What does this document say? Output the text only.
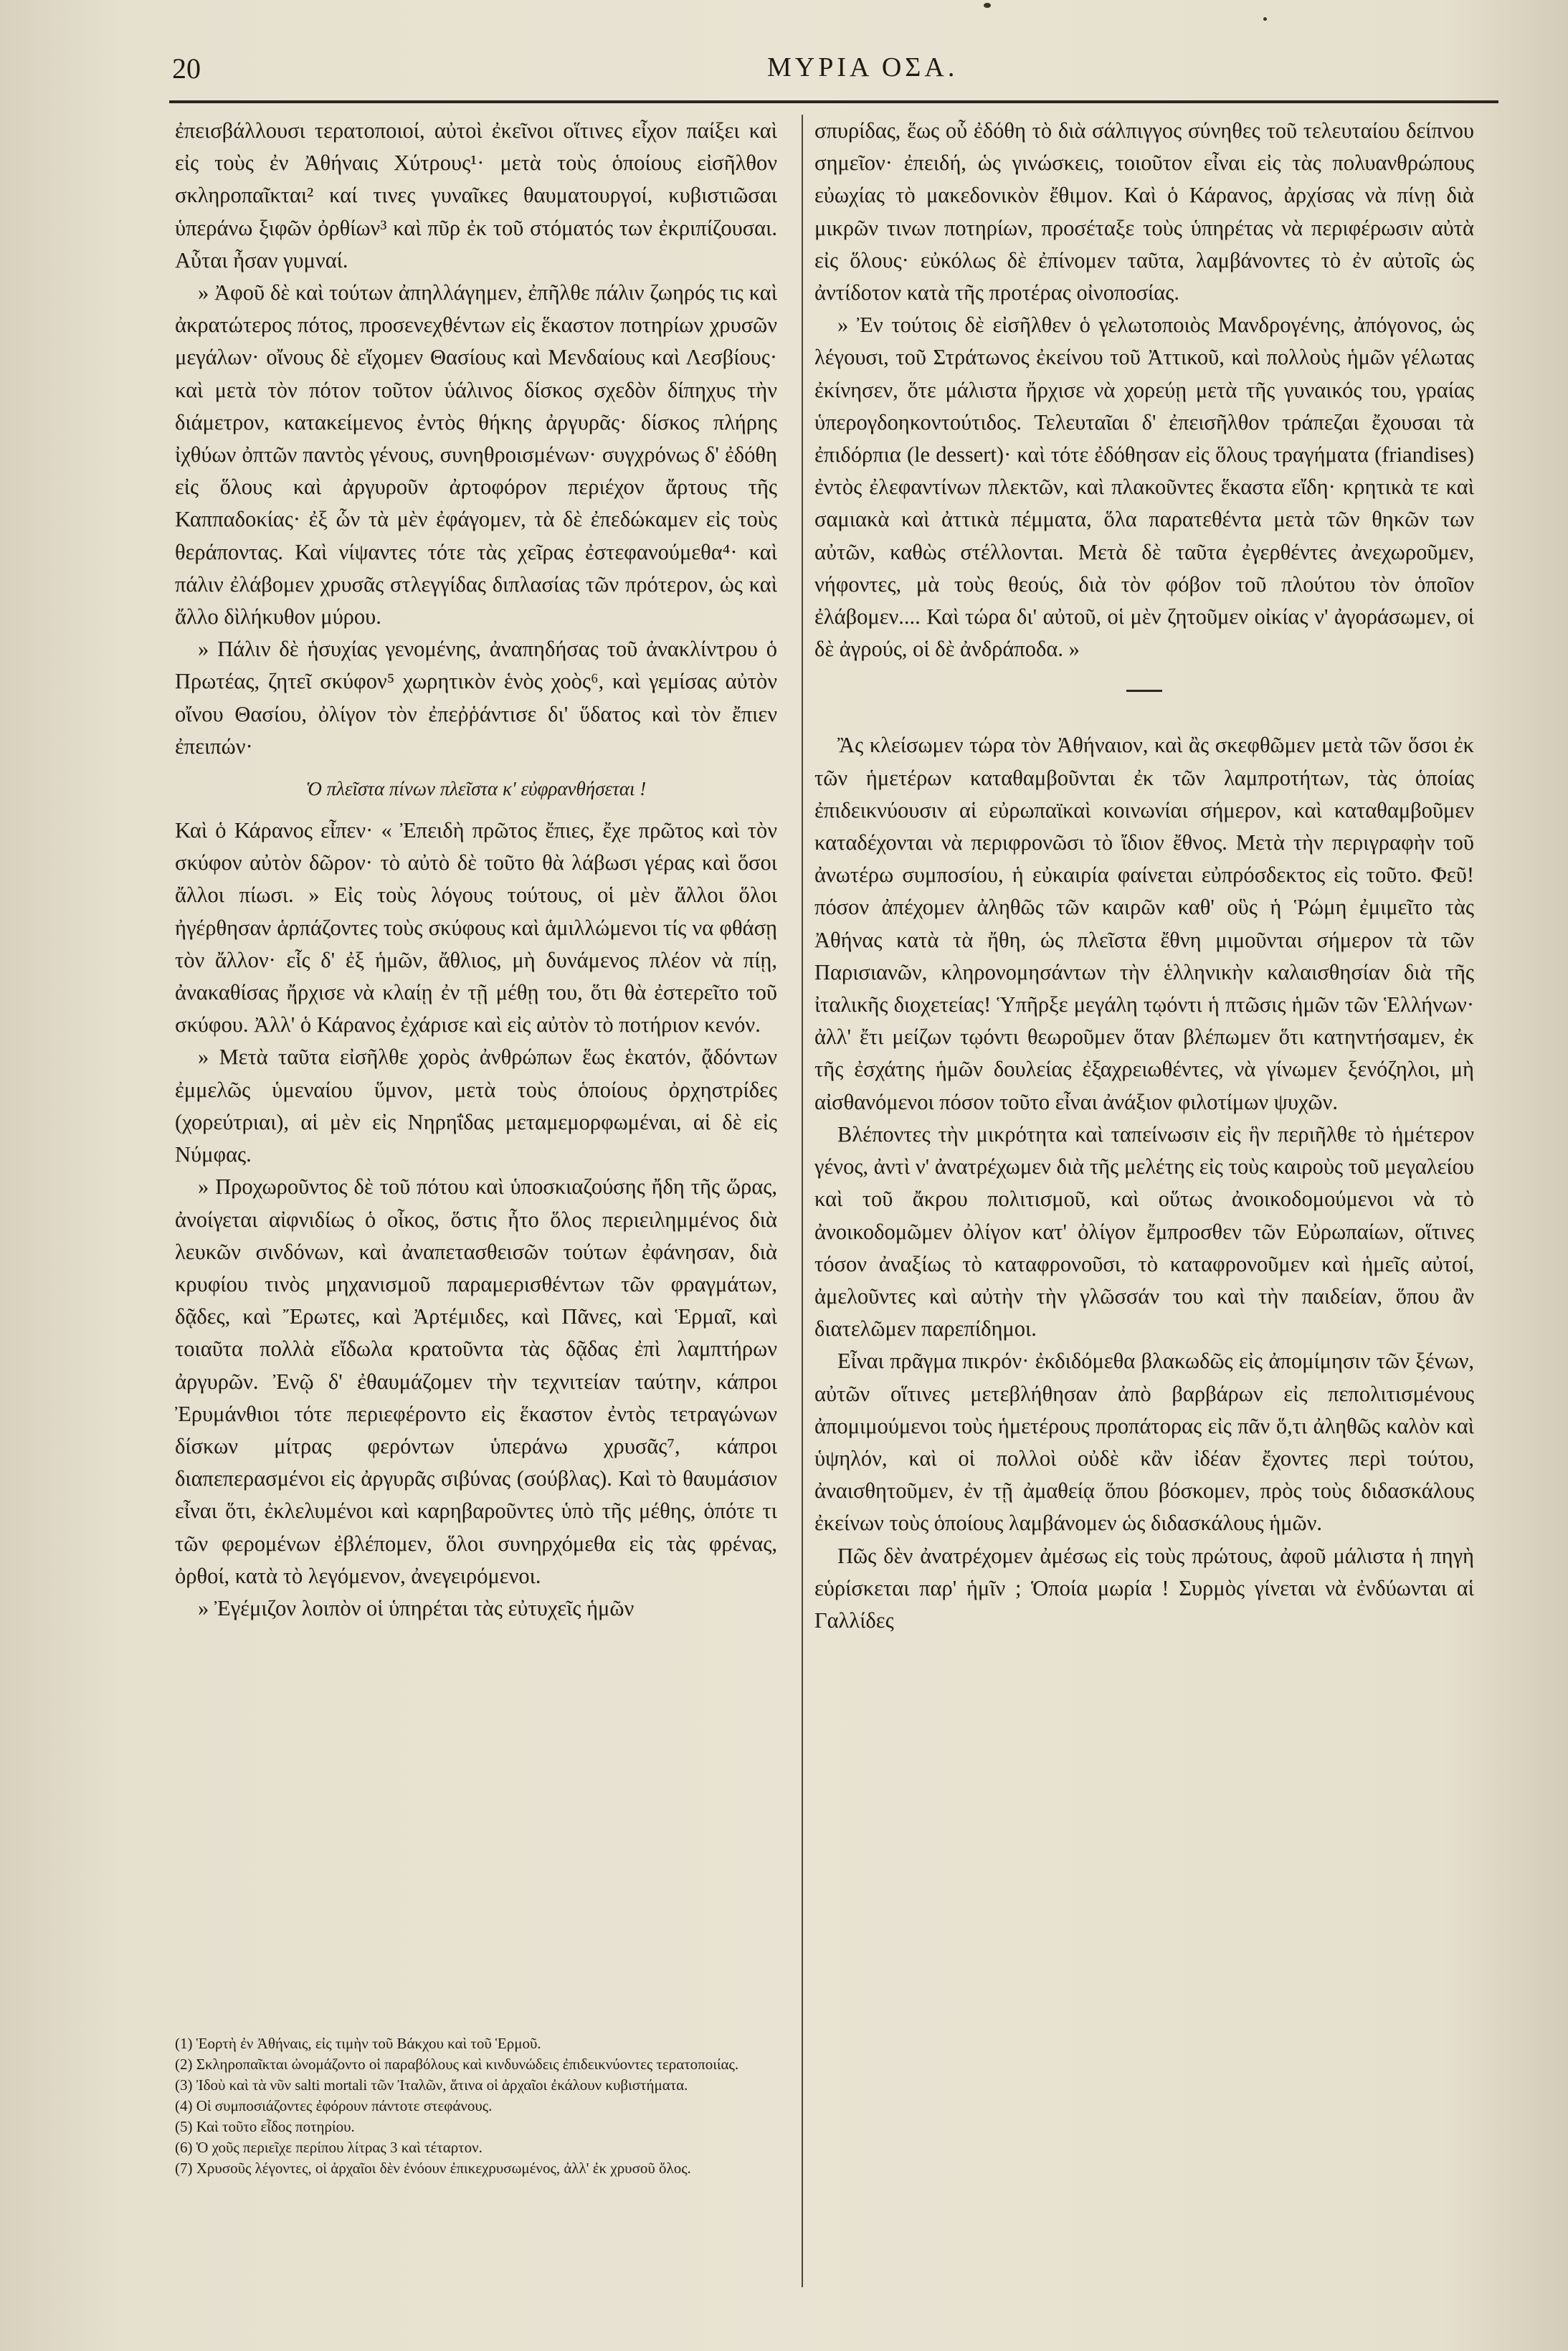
20	ΜΥΡΙΑ ΟΣΑ.

ἐπεισβάλλουσι τερατοποιοί, αὐτοὶ ἐκεῖνοι οἵτινες εἶχον παίξει καὶ εἰς τοὺς ἐν Ἀθήναις Χύτρους¹· μετὰ τοὺς ὁποίους εἰσῆλθον σκληροπαῖκται² καί τινες γυναῖκες θαυματουργοί, κυβιστιῶσαι ὑπεράνω ξιφῶν ὀρθίων³ καὶ πῦρ ἐκ τοῦ στόματός των ἐκριπίζουσαι. Αὗται ἦσαν γυμναί.

» Ἀφοῦ δὲ καὶ τούτων ἀπηλλάγημεν, ἐπῆλθε πάλιν ζωηρός τις καὶ ἀκρατώτερος πότος, προσενεχθέντων εἰς ἕκαστον ποτηρίων χρυσῶν μεγάλων· οἴνους δὲ εἴχομεν Θασίους καὶ Μενδαίους καὶ Λεσβίους· καὶ μετὰ τὸν πότον τοῦτον ὑάλινος δίσκος σχεδὸν δίπηχυς τὴν διάμετρον, κατακείμενος ἐντὸς θήκης ἀργυρᾶς· δίσκος πλήρης ἰχθύων ὀπτῶν παντὸς γένους, συνηθροισμένων· συγχρόνως δ' ἐδόθη εἰς ὅλους καὶ ἀργυροῦν ἀρτοφόρον περιέχον ἄρτους τῆς Καππαδοκίας· ἐξ ὧν τὰ μὲν ἐφάγομεν, τὰ δὲ ἐπεδώκαμεν εἰς τοὺς θεράποντας. Καὶ νίψαντες τότε τὰς χεῖρας ἐστεφανούμεθα⁴· καὶ πάλιν ἐλάβομεν χρυσᾶς στλεγγίδας διπλασίας τῶν πρότερον, ὡς καὶ ἄλλο δὶλήκυθον μύρου.

» Πάλιν δὲ ἡσυχίας γενομένης, ἀναπηδήσας τοῦ ἀνακλίντρου ὁ Πρωτέας, ζητεῖ σκύφον⁵ χωρητικὸν ἑνὸς χοὸς⁶, καὶ γεμίσας αὐτὸν οἴνου Θασίου, ὀλίγον τὸν ἐπεῤῥάντισε δι' ὕδατος καὶ τὸν ἔπιεν ἐπειπών·

Ὁ πλεῖστα πίνων πλεῖστα κ' εὐφρανθήσεται !

Καὶ ὁ Κάρανος εἶπεν· « Ἐπειδὴ πρῶτος ἔπιες, ἔχε πρῶτος καὶ τὸν σκύφον αὐτὸν δῶρον· τὸ αὐτὸ δὲ τοῦτο θὰ λάβωσι γέρας καὶ ὅσοι ἄλλοι πίωσι. » Εἰς τοὺς λόγους τούτους, οἱ μὲν ἄλλοι ὅλοι ἠγέρθησαν ἁρπάζοντες τοὺς σκύφους καὶ ἁμιλλώμενοι τίς να φθάσῃ τὸν ἄλλον· εἷς δ' ἐξ ἡμῶν, ἄθλιος, μὴ δυνάμενος πλέον νὰ πίῃ, ἀνακαθίσας ἤρχισε νὰ κλαίῃ ἐν τῇ μέθῃ του, ὅτι θὰ ἐστερεῖτο τοῦ σκύφου. Ἀλλ' ὁ Κάρανος ἐχάρισε καὶ εἰς αὐτὸν τὸ ποτήριον κενόν.

» Μετὰ ταῦτα εἰσῆλθε χορὸς ἀνθρώπων ἕως ἑκατόν, ᾄδόντων ἐμμελῶς ὑμεναίου ὕμνον, μετὰ τοὺς ὁποίους ὀρχηστρίδες (χορεύτριαι), αἱ μὲν εἰς Νηρηΐδας μεταμεμορφωμέναι, αἱ δὲ εἰς Νύμφας.

» Προχωροῦντος δὲ τοῦ πότου καὶ ὑποσκιαζούσης ἤδη τῆς ὥρας, ἀνοίγεται αἰφνιδίως ὁ οἶκος, ὅστις ἦτο ὅλος περιειλημμένος διὰ λευκῶν σινδόνων, καὶ ἀναπετασθεισῶν τούτων ἐφάνησαν, διὰ κρυφίου τινὸς μηχανισμοῦ παραμερισθέντων τῶν φραγμάτων, δᾷδες, καὶ Ἔρωτες, καὶ Ἀρτέμιδες, καὶ Πᾶνες, καὶ Ἑρμαῖ, καὶ τοιαῦτα πολλὰ εἴδωλα κρατοῦντα τὰς δᾷδας ἐπὶ λαμπτήρων ἀργυρῶν. Ἐνῷ δ' ἐθαυμάζομεν τὴν τεχνιτείαν ταύτην, κάπροι Ἐρυμάνθιοι τότε περιεφέροντο εἰς ἕκαστον ἐντὸς τετραγώνων δίσκων μίτρας φερόντων ὑπεράνω χρυσᾶς⁷, κάπροι διαπεπερασμένοι εἰς ἀργυρᾶς σιβύνας (σούβλας). Καὶ τὸ θαυμάσιον εἶναι ὅτι, ἐκλελυμένοι καὶ καρηβαροῦντες ὑπὸ τῆς μέθης, ὁπότε τι τῶν φερομένων ἐβλέπομεν, ὅλοι συνηρχόμεθα εἰς τὰς φρένας, ὀρθοί, κατὰ τὸ λεγόμενον, ἀνεγειρόμενοι.

» Ἐγέμιζον λοιπὸν οἱ ὑπηρέται τὰς εὐτυχεῖς ἡμῶν

(1) Ἑορτὴ ἐν Ἀθήναις, εἰς τιμὴν τοῦ Βάκχου καὶ τοῦ Ἑρμοῦ.
(2) Σκληροπαῖκται ὠνομάζοντο οἱ παραβόλους καὶ κινδυνώδεις ἐπιδεικνύοντες τερατοποιίας.
(3) Ἰδοὺ καὶ τὰ νῦν salti mortali τῶν Ἰταλῶν, ἅτινα οἱ ἀρχαῖοι ἐκάλουν κυβιστήματα.
(4) Οἱ συμποσιάζοντες ἐφόρουν πάντοτε στεφάνους.
(5) Καὶ τοῦτο εἶδος ποτηρίου.
(6) Ὁ χοῦς περιεῖχε περίπου λίτρας 3 καὶ τέταρτον.
(7) Χρυσοῦς λέγοντες, οἱ ἀρχαῖοι δὲν ἐνόουν ἐπικεχρυσωμένος, ἀλλ' ἐκ χρυσοῦ ὅλος.

σπυρίδας, ἕως οὗ ἐδόθη τὸ διὰ σάλπιγγος σύνηθες τοῦ τελευταίου δείπνου σημεῖον· ἐπειδή, ὡς γινώσκεις, τοιοῦτον εἶναι εἰς τὰς πολυανθρώπους εὐωχίας τὸ μακεδονικὸν ἔθιμον. Καὶ ὁ Κάρανος, ἀρχίσας νὰ πίνῃ διὰ μικρῶν τινων ποτηρίων, προσέταξε τοὺς ὑπηρέτας νὰ περιφέρωσιν αὐτὰ εἰς ὅλους· εὐκόλως δὲ ἐπίνομεν ταῦτα, λαμβάνοντες τὸ ἐν αὐτοῖς ὡς ἀντίδοτον κατὰ τῆς προτέρας οἰνοποσίας.

» Ἐν τούτοις δὲ εἰσῆλθεν ὁ γελωτοποιὸς Μανδρογένης, ἀπόγονος, ὡς λέγουσι, τοῦ Στράτωνος ἐκείνου τοῦ Ἀττικοῦ, καὶ πολλοὺς ἡμῶν γέλωτας ἐκίνησεν, ὅτε μάλιστα ἤρχισε νὰ χορεύῃ μετὰ τῆς γυναικός του, γραίας ὑπερογδοηκοντούτιδος. Τελευταῖαι δ' ἐπεισῆλθον τράπεζαι ἔχουσαι τὰ ἐπιδόρπια (le dessert)· καὶ τότε ἐδόθησαν εἰς ὅλους τραγήματα (friandises) ἐντὸς ἐλεφαντίνων πλεκτῶν, καὶ πλακοῦντες ἕκαστα εἴδη· κρητικὰ τε καὶ σαμιακὰ καὶ ἀττικὰ πέμματα, ὅλα παρατεθέντα μετὰ τῶν θηκῶν των αὐτῶν, καθὼς στέλλονται. Μετὰ δὲ ταῦτα ἐγερθέντες ἀνεχωροῦμεν, νήφοντες, μὰ τοὺς θεούς, διὰ τὸν φόβον τοῦ πλούτου τὸν ὁποῖον ἐλάβομεν.... Καὶ τώρα δι' αὐτοῦ, οἱ μὲν ζητοῦμεν οἰκίας ν' ἀγοράσωμεν, οἱ δὲ ἀγρούς, οἱ δὲ ἀνδράποδα. »

Ἂς κλείσωμεν τώρα τὸν Ἀθήναιον, καὶ ἂς σκεφθῶμεν μετὰ τῶν ὅσοι ἐκ τῶν ἡμετέρων καταθαμβοῦνται ἐκ τῶν λαμπροτήτων, τὰς ὁποίας ἐπιδεικνύουσιν αἱ εὐρωπαϊκαὶ κοινωνίαι σήμερον, καὶ καταθαμβοῦμεν καταδέχονται νὰ περιφρονῶσι τὸ ἴδιον ἔθνος. Μετὰ τὴν περιγραφὴν τοῦ ἀνωτέρω συμποσίου, ἡ εὐκαιρία φαίνεται εὐπρόσδεκτος εἰς τοῦτο. Φεῦ! πόσον ἀπέχομεν ἀληθῶς τῶν καιρῶν καθ' οὓς ἡ Ῥώμη ἐμιμεῖτο τὰς Ἀθήνας κατὰ τὰ ἤθη, ὡς πλεῖστα ἔθνη μιμοῦνται σήμερον τὰ τῶν Παρισιανῶν, κληρονομησάντων τὴν ἑλληνικὴν καλαισθησίαν διὰ τῆς ἰταλικῆς διοχετείας! Ὑπῆρξε μεγάλη τῳόντι ἡ πτῶσις ἡμῶν τῶν Ἑλλήνων· ἀλλ' ἔτι μείζων τῳόντι θεωροῦμεν ὅταν βλέπωμεν ὅτι κατηντήσαμεν, ἐκ τῆς ἐσχάτης ἡμῶν δουλείας ἐξαχρειωθέντες, νὰ γίνωμεν ξενόζηλοι, μὴ αἰσθανόμενοι πόσον τοῦτο εἶναι ἀνάξιον φιλοτίμων ψυχῶν.

Βλέποντες τὴν μικρότητα καὶ ταπείνωσιν εἰς ἣν περιῆλθε τὸ ἡμέτερον γένος, ἀντὶ ν' ἀνατρέχωμεν διὰ τῆς μελέτης εἰς τοὺς καιροὺς τοῦ μεγαλείου καὶ τοῦ ἄκρου πολιτισμοῦ, καὶ οὕτως ἀνοικοδομούμενοι νὰ τὸ ἀνοικοδομῶμεν ὀλίγον κατ' ὀλίγον ἔμπροσθεν τῶν Εὐρωπαίων, οἵτινες τόσον ἀναξίως τὸ καταφρονοῦσι, τὸ καταφρονοῦμεν καὶ ἡμεῖς αὐτοί, ἀμελοῦντες καὶ αὐτὴν τὴν γλῶσσάν του καὶ τὴν παιδείαν, ὅπου ἂν διατελῶμεν παρεπίδημοι.

Εἶναι πρᾶγμα πικρόν· ἐκδιδόμεθα βλακωδῶς εἰς ἀπομίμησιν τῶν ξένων, αὐτῶν οἵτινες μετεβλήθησαν ἀπὸ βαρβάρων εἰς πεπολιτισμένους ἀπομιμούμενοι τοὺς ἡμετέρους προπάτορας εἰς πᾶν ὅ,τι ἀληθῶς καλὸν καὶ ὑψηλόν, καὶ οἱ πολλοὶ οὐδὲ κἂν ἰδέαν ἔχοντες περὶ τούτου, ἀναισθητοῦμεν, ἐν τῇ ἀμαθείᾳ ὅπου βόσκομεν, πρὸς τοὺς διδασκάλους ἐκείνων τοὺς ὁποίους λαμβάνομεν ὡς διδασκάλους ἡμῶν.

Πῶς δὲν ἀνατρέχομεν ἀμέσως εἰς τοὺς πρώτους, ἀφοῦ μάλιστα ἡ πηγὴ εὑρίσκεται παρ' ἡμῖν ; Ὁποία μωρία ! Συρμὸς γίνεται νὰ ἐνδύωνται αἱ Γαλλίδες
